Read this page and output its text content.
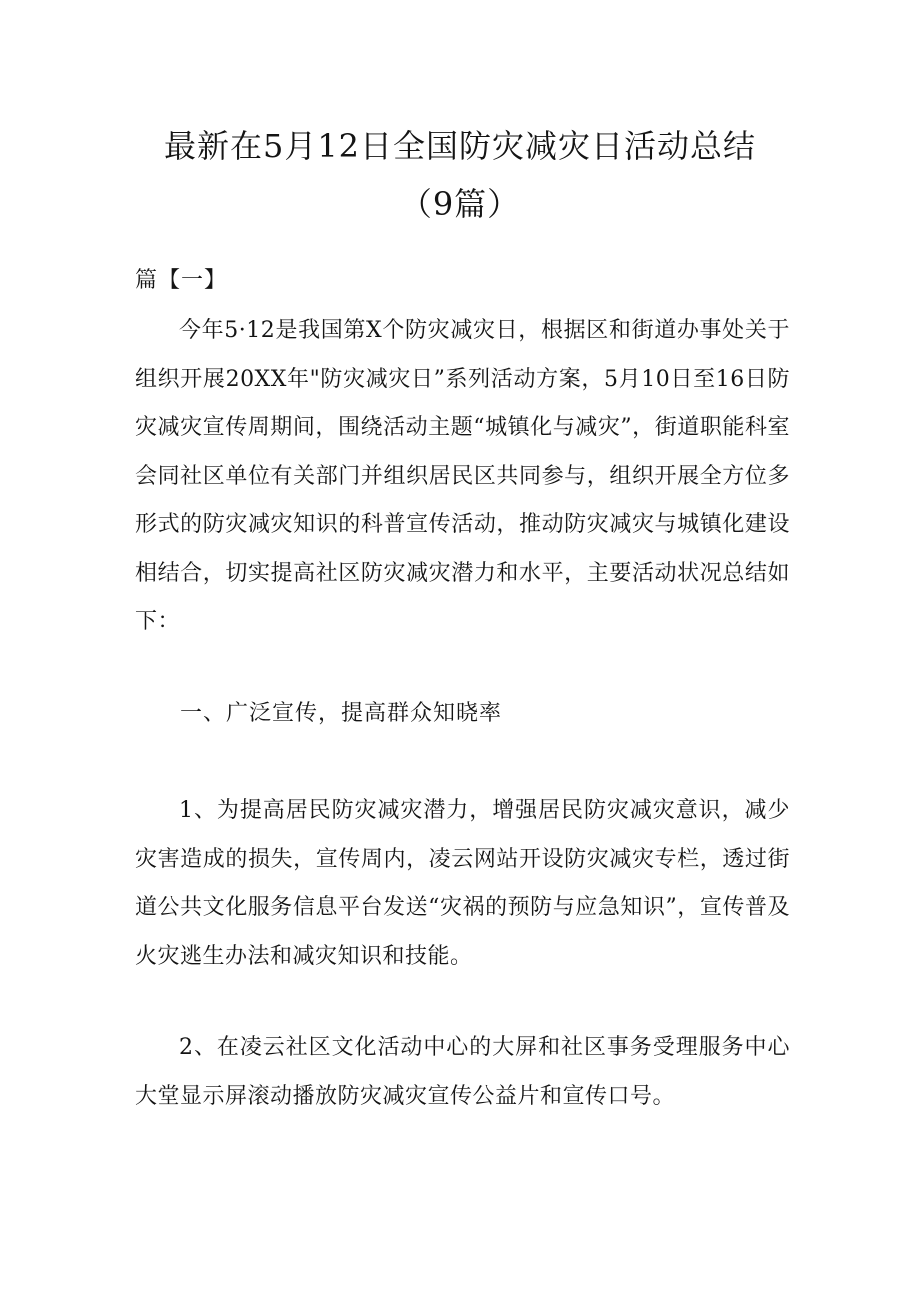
最新在5月12日全国防灾减灾日活动总结
（9篇）
篇【一】

今年5·12是我国第X个防灾减灾日，根据区和街道办事处关于组织开展20XX年"防灾减灾日”系列活动方案，5月10日至16日防灾减灾宣传周期间，围绕活动主题“城镇化与减灾”，街道职能科室会同社区单位有关部门并组织居民区共同参与，组织开展全方位多形式的防灾减灾知识的科普宣传活动，推动防灾减灾与城镇化建设相结合，切实提高社区防灾减灾潜力和水平，主要活动状况总结如下：

一、广泛宣传，提高群众知晓率

1、为提高居民防灾减灾潜力，增强居民防灾减灾意识，减少灾害造成的损失，宣传周内，凌云网站开设防灾减灾专栏，透过街道公共文化服务信息平台发送“灾祸的预防与应急知识”，宣传普及火灾逃生办法和减灾知识和技能。

2、在凌云社区文化活动中心的大屏和社区事务受理服务中心大堂显示屏滚动播放防灾减灾宣传公益片和宣传口号。
